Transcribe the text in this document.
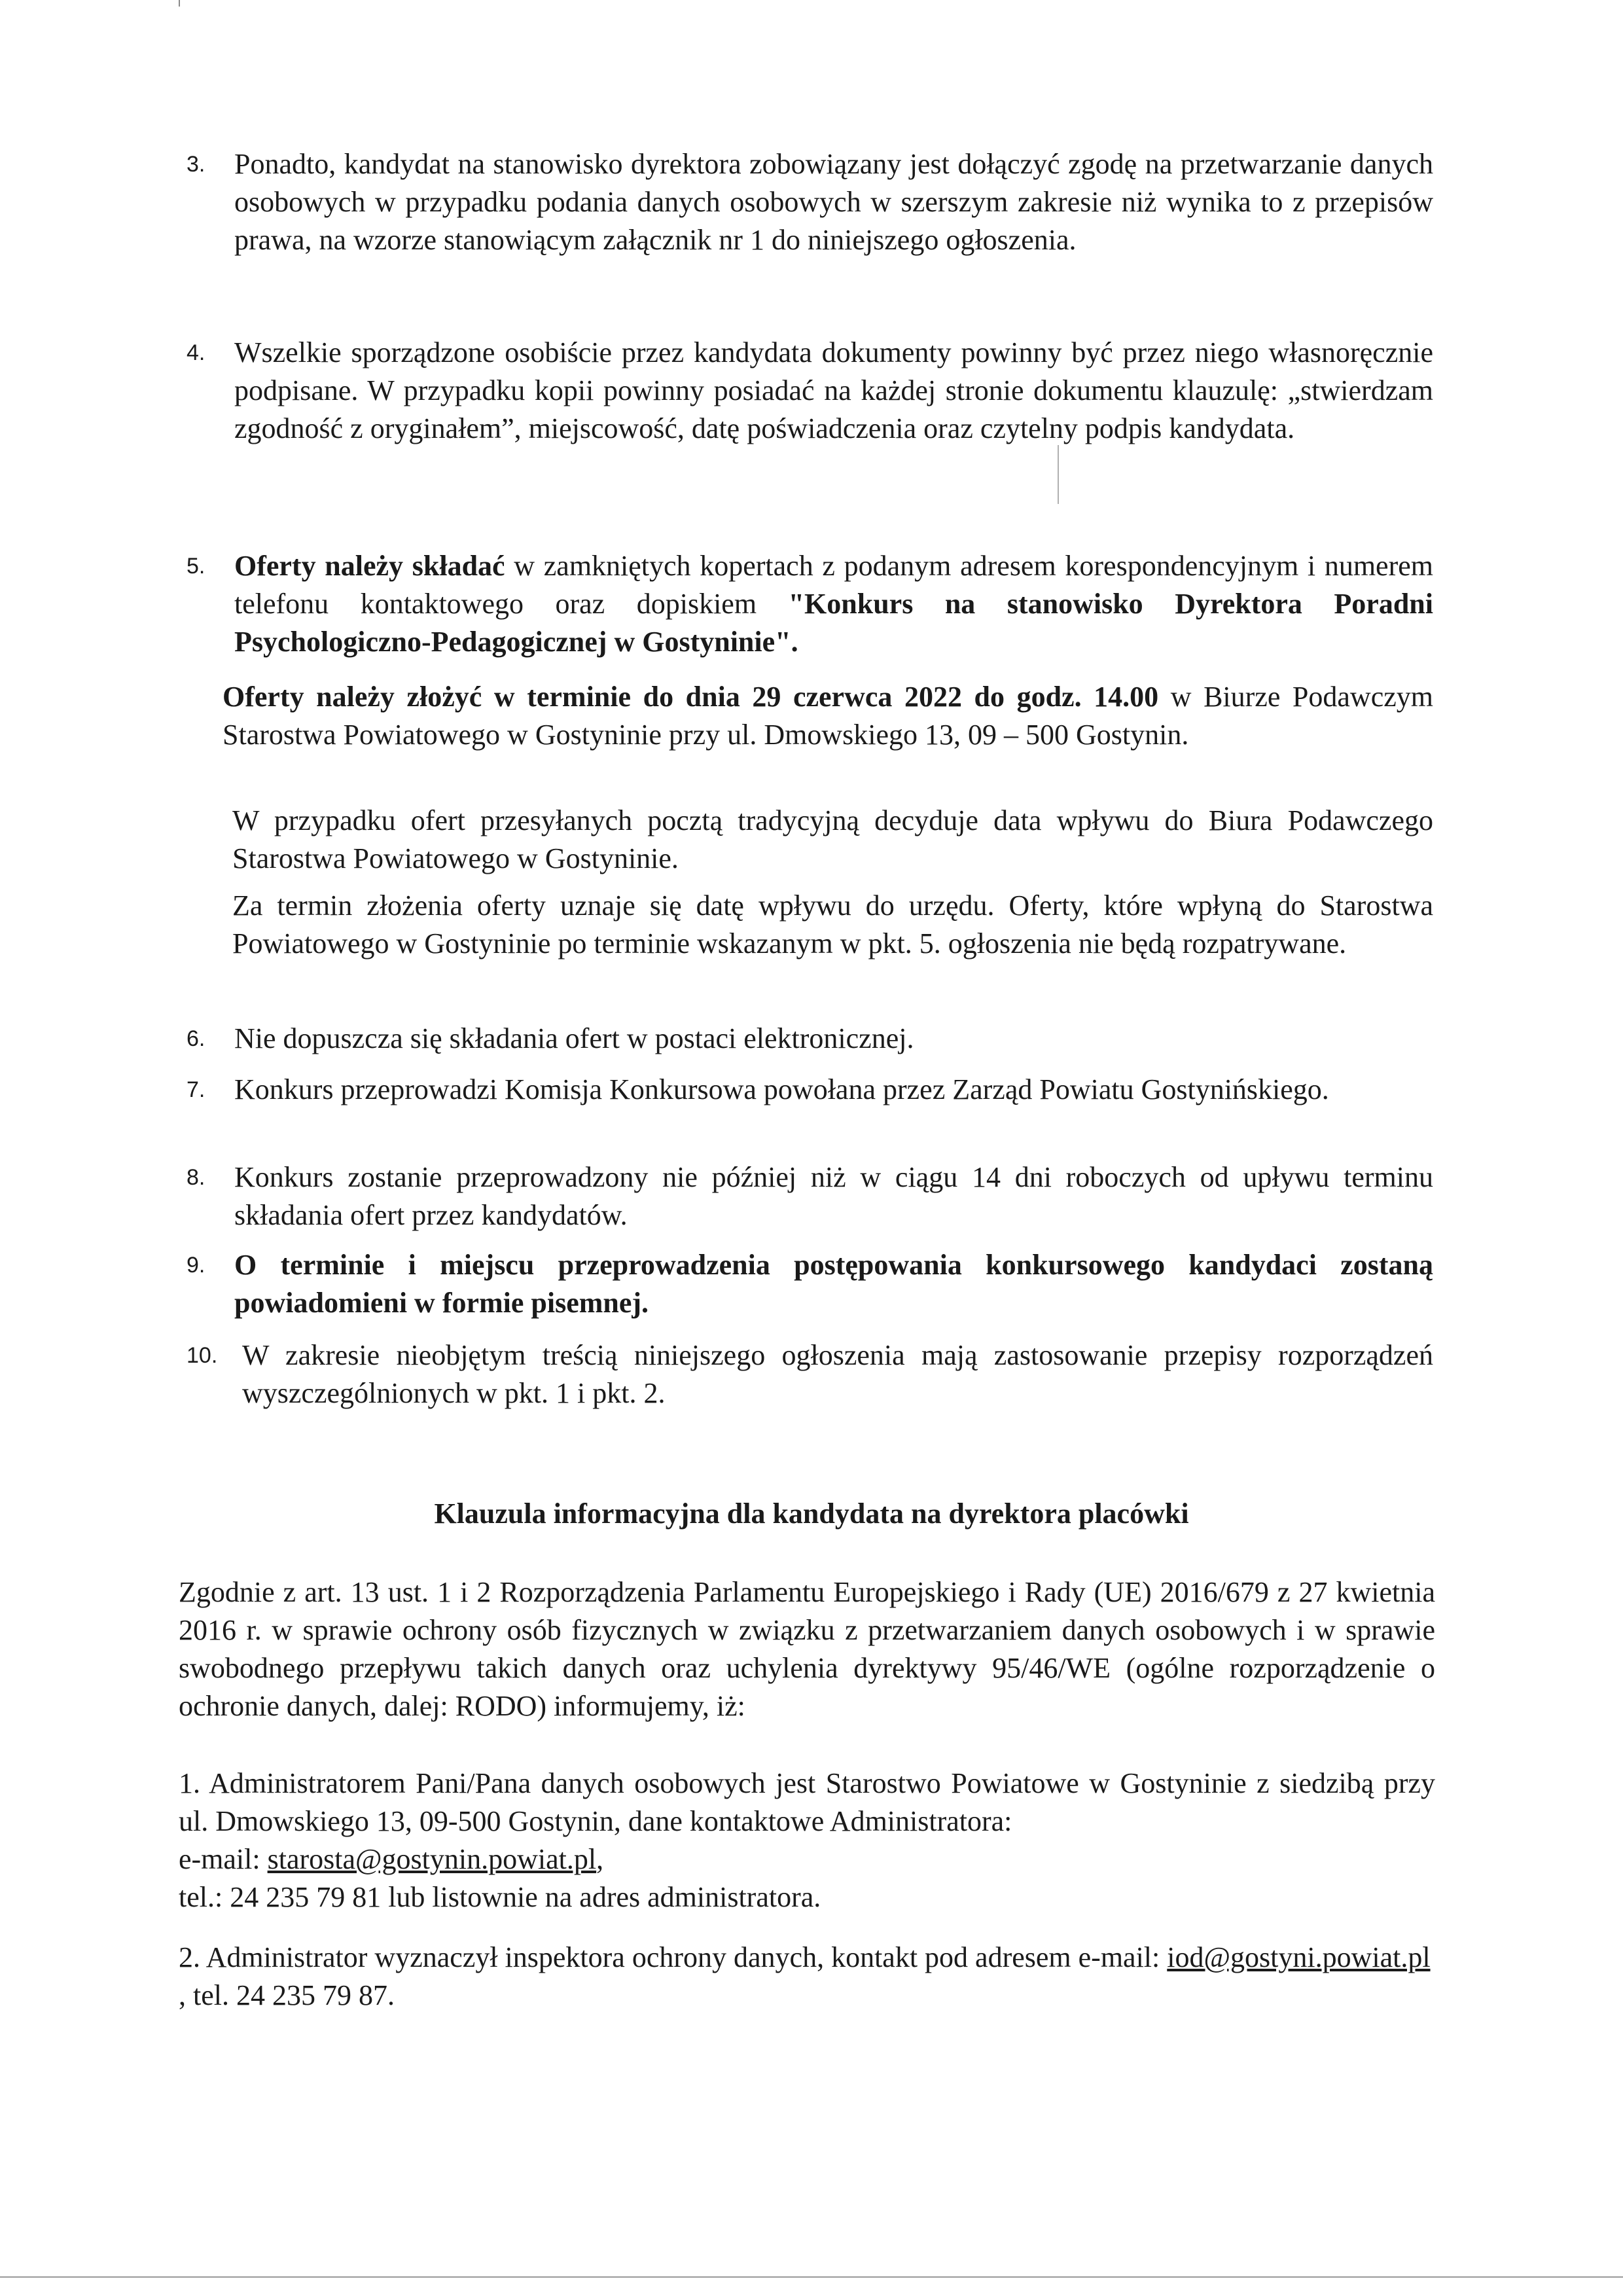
3. Ponadto, kandydat na stanowisko dyrektora zobowiązany jest dołączyć zgodę na przetwarzanie danych osobowych w przypadku podania danych osobowych w szerszym zakresie niż wynika to z przepisów prawa, na wzorze stanowiącym załącznik nr 1 do niniejszego ogłoszenia.

4. Wszelkie sporządzone osobiście przez kandydata dokumenty powinny być przez niego własnoręcznie podpisane. W przypadku kopii powinny posiadać na każdej stronie dokumentu klauzulę: „stwierdzam zgodność z oryginałem”, miejscowość, datę poświadczenia oraz czytelny podpis kandydata.

5. Oferty należy składać w zamkniętych kopertach z podanym adresem korespondencyjnym i numerem telefonu kontaktowego oraz dopiskiem "Konkurs na stanowisko Dyrektora Poradni Psychologiczno-Pedagogicznej w Gostyninie".

Oferty należy złożyć w terminie do dnia 29 czerwca 2022 do godz. 14.00 w Biurze Podawczym Starostwa Powiatowego w Gostyninie przy ul. Dmowskiego 13, 09 – 500 Gostynin.
W przypadku ofert przesyłanych pocztą tradycyjną decyduje data wpływu do Biura Podawczego Starostwa Powiatowego w Gostyninie.
Za termin złożenia oferty uznaje się datę wpływu do urzędu. Oferty, które wpłyną do Starostwa Powiatowego w Gostyninie po terminie wskazanym w pkt. 5. ogłoszenia nie będą rozpatrywane.
6. Nie dopuszcza się składania ofert w postaci elektronicznej.

7. Konkurs przeprowadzi Komisja Konkursowa powołana przez Zarząd Powiatu Gostynińskiego.

8. Konkurs zostanie przeprowadzony nie później niż w ciągu 14 dni roboczych od upływu terminu składania ofert przez kandydatów.

9. O terminie i miejscu przeprowadzenia postępowania konkursowego kandydaci zostaną powiadomieni w formie pisemnej.

10. W zakresie nieobjętym treścią niniejszego ogłoszenia mają zastosowanie przepisy rozporządzeń wyszczególnionych w pkt. 1 i pkt. 2.

Klauzula informacyjna dla kandydata na dyrektora placówki

Zgodnie z art. 13 ust. 1 i 2 Rozporządzenia Parlamentu Europejskiego i Rady (UE) 2016/679 z 27 kwietnia 2016 r. w sprawie ochrony osób fizycznych w związku z przetwarzaniem danych osobowych i w sprawie swobodnego przepływu takich danych oraz uchylenia dyrektywy 95/46/WE (ogólne rozporządzenie o ochronie danych, dalej: RODO) informujemy, iż:

1. Administratorem Pani/Pana danych osobowych jest Starostwo Powiatowe w Gostyninie z siedzibą przy ul. Dmowskiego 13, 09-500 Gostynin, dane kontaktowe Administratora:

e-mail: starosta@gostynin.powiat.pl,

tel.: 24 235 79 81 lub listownie na adres administratora.

2. Administrator wyznaczył inspektora ochrony danych, kontakt pod adresem e-mail: iod@gostyni.powiat.pl , tel. 24 235 79 87.
